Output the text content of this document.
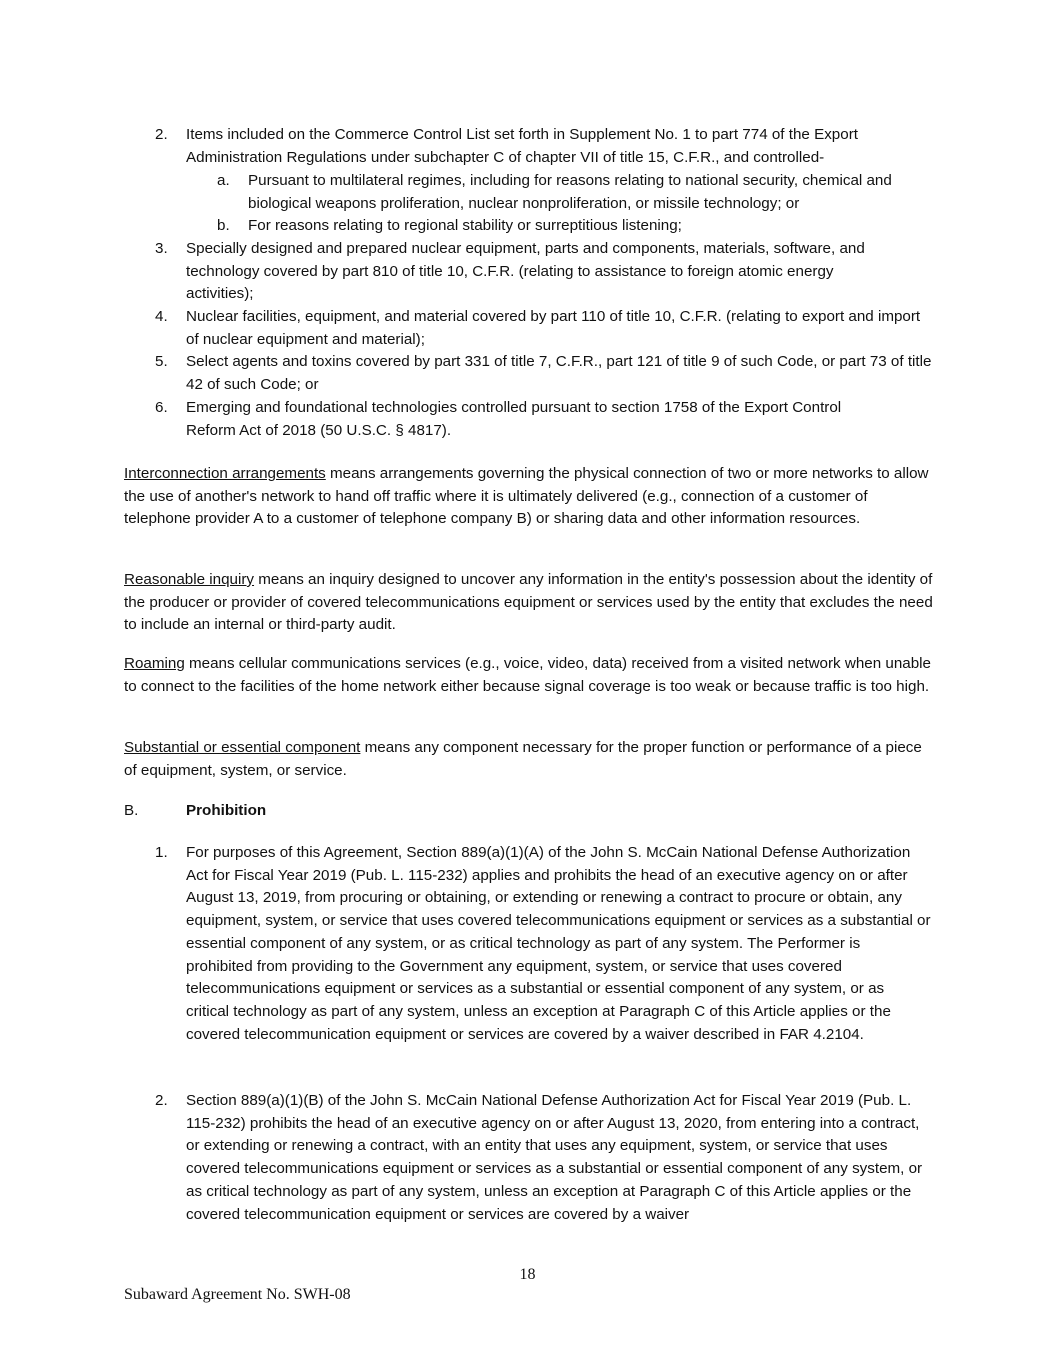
2.	Items included on the Commerce Control List set forth in Supplement No. 1 to part 774 of the Export Administration Regulations under subchapter C of chapter VII of title 15, C.F.R., and controlled-
a.	Pursuant to multilateral regimes, including for reasons relating to national security, chemical and biological weapons proliferation, nuclear nonproliferation, or missile technology; or
b.	For reasons relating to regional stability or surreptitious listening;
3.	Specially designed and prepared nuclear equipment, parts and components, materials, software, and technology covered by part 810 of title 10, C.F.R. (relating to assistance to foreign atomic energy activities);
4.	Nuclear facilities, equipment, and material covered by part 110 of title 10, C.F.R. (relating to export and import of nuclear equipment and material);
5.	Select agents and toxins covered by part 331 of title 7, C.F.R., part 121 of title 9 of such Code, or part 73 of title 42 of such Code; or
6.	Emerging and foundational technologies controlled pursuant to section 1758 of the Export Control Reform Act of 2018 (50 U.S.C. § 4817).
Interconnection arrangements means arrangements governing the physical connection of two or more networks to allow the use of another's network to hand off traffic where it is ultimately delivered (e.g., connection of a customer of telephone provider A to a customer of telephone company B) or sharing data and other information resources.
Reasonable inquiry means an inquiry designed to uncover any information in the entity's possession about the identity of the producer or provider of covered telecommunications equipment or services used by the entity that excludes the need to include an internal or third-party audit.
Roaming means cellular communications services (e.g., voice, video, data) received from a visited network when unable to connect to the facilities of the home network either because signal coverage is too weak or because traffic is too high.
Substantial or essential component means any component necessary for the proper function or performance of a piece of equipment, system, or service.
B.	Prohibition
1.	For purposes of this Agreement, Section 889(a)(1)(A) of the John S. McCain National Defense Authorization Act for Fiscal Year 2019 (Pub. L. 115-232) applies and prohibits the head of an executive agency on or after August 13, 2019, from procuring or obtaining, or extending or renewing a contract to procure or obtain, any equipment, system, or service that uses covered telecommunications equipment or services as a substantial or essential component of any system, or as critical technology as part of any system. The Performer is prohibited from providing to the Government any equipment, system, or service that uses covered telecommunications equipment or services as a substantial or essential component of any system, or as critical technology as part of any system, unless an exception at Paragraph C of this Article applies or the covered telecommunication equipment or services are covered by a waiver described in FAR 4.2104.
2.	Section 889(a)(1)(B) of the John S. McCain National Defense Authorization Act for Fiscal Year 2019 (Pub. L. 115-232) prohibits the head of an executive agency on or after August 13, 2020, from entering into a contract, or extending or renewing a contract, with an entity that uses any equipment, system, or service that uses covered telecommunications equipment or services as a substantial or essential component of any system, or as critical technology as part of any system, unless an exception at Paragraph C of this Article applies or the covered telecommunication equipment or services are covered by a waiver
18
Subaward Agreement No. SWH-08
